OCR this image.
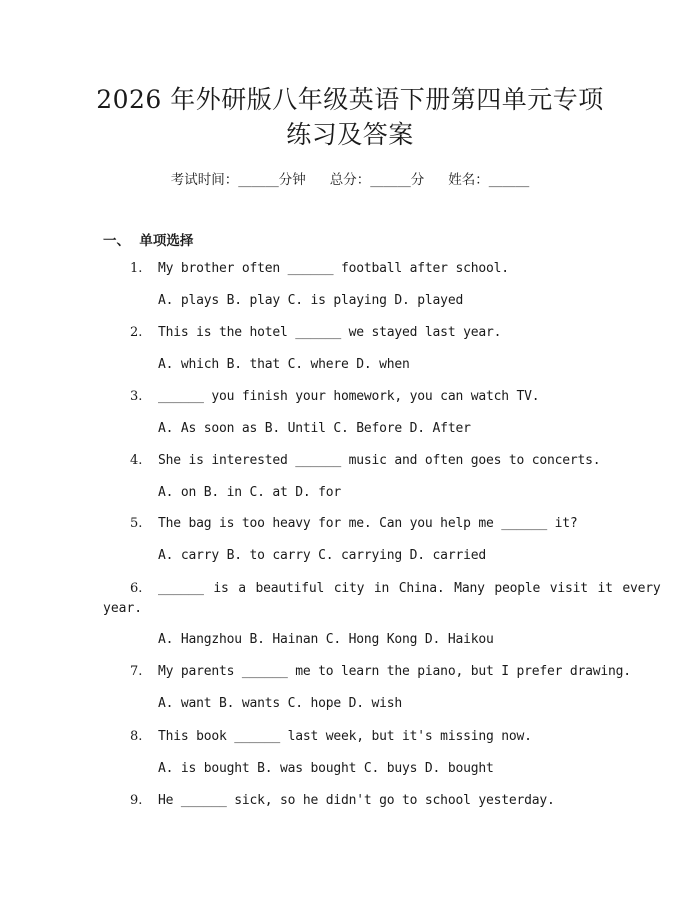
2026 年外研版八年级英语下册第四单元专项
练习及答案
考试时间：______分钟 总分：______分 姓名：______
一、  单项选择
1.	My brother often ______ football after school.
A. plays B. play C. is playing D. played
2.	This is the hotel ______ we stayed last year.
A. which B. that C. where D. when
3.	______ you finish your homework, you can watch TV.
A. As soon as B. Until C. Before D. After
4.	She is interested ______ music and often goes to concerts.
A. on B. in C. at D. for
5.	The bag is too heavy for me. Can you help me ______ it?
A. carry B. to carry C. carrying D. carried
6.	______ is a beautiful city in China. Many people visit it every
year.
A. Hangzhou B. Hainan C. Hong Kong D. Haikou
7.	My parents ______ me to learn the piano, but I prefer drawing.
A. want B. wants C. hope D. wish
8.	This book ______ last week, but it's missing now.
A. is bought B. was bought C. buys D. bought
9.	He ______ sick, so he didn't go to school yesterday.
